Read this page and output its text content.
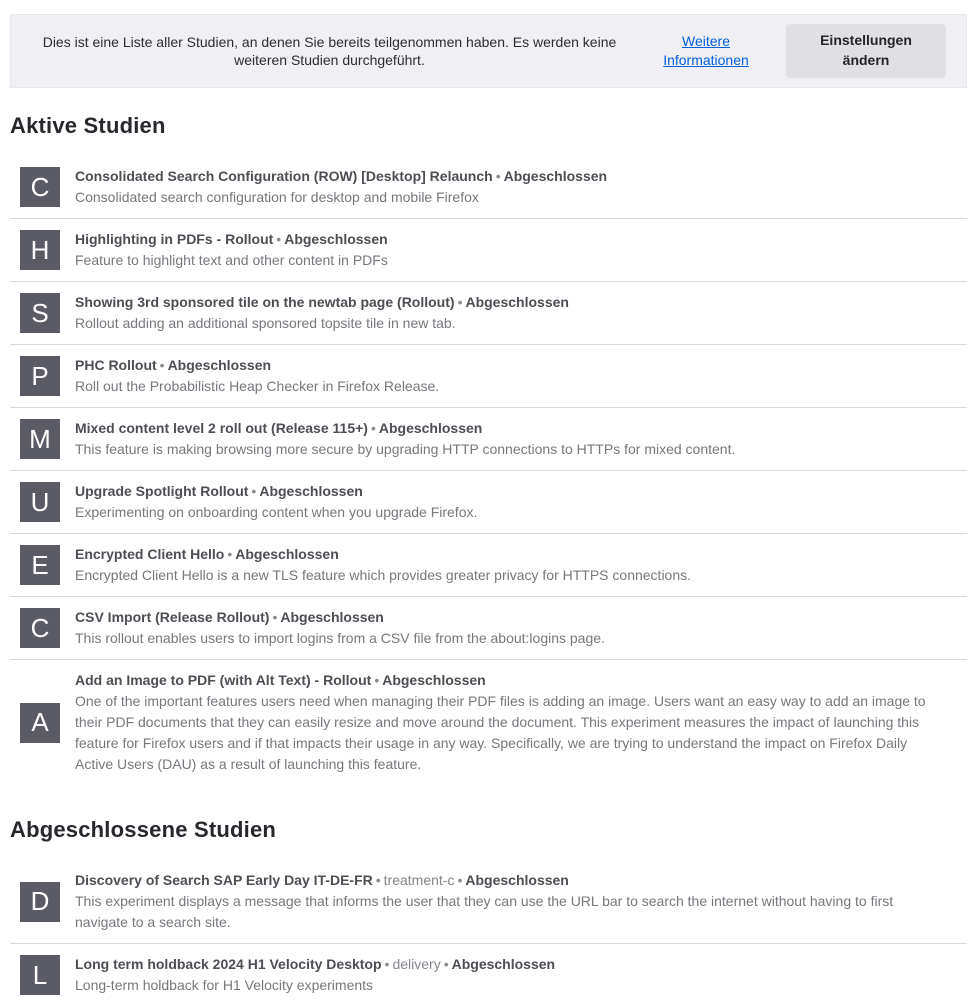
Dies ist eine Liste aller Studien, an denen Sie bereits teilgenommen haben. Es werden keine weiteren Studien durchgeführt.
Weitere Informationen
Einstellungen ändern
Aktive Studien
C	Consolidated Search Configuration (ROW) [Desktop] Relaunch • Abgeschlossen
Consolidated search configuration for desktop and mobile Firefox
H	Highlighting in PDFs - Rollout • Abgeschlossen
Feature to highlight text and other content in PDFs
S	Showing 3rd sponsored tile on the newtab page (Rollout) • Abgeschlossen
Rollout adding an additional sponsored topsite tile in new tab.
P	PHC Rollout • Abgeschlossen
Roll out the Probabilistic Heap Checker in Firefox Release.
M	Mixed content level 2 roll out (Release 115+) • Abgeschlossen
This feature is making browsing more secure by upgrading HTTP connections to HTTPs for mixed content.
U	Upgrade Spotlight Rollout • Abgeschlossen
Experimenting on onboarding content when you upgrade Firefox.
E	Encrypted Client Hello • Abgeschlossen
Encrypted Client Hello is a new TLS feature which provides greater privacy for HTTPS connections.
C	CSV Import (Release Rollout) • Abgeschlossen
This rollout enables users to import logins from a CSV file from the about:logins page.
A
Add an Image to PDF (with Alt Text) - Rollout • Abgeschlossen
One of the important features users need when managing their PDF files is adding an image. Users want an easy way to add an image to their PDF documents that they can easily resize and move around the document. This experiment measures the impact of launching this feature for Firefox users and if that impacts their usage in any way. Specifically, we are trying to understand the impact on Firefox Daily Active Users (DAU) as a result of launching this feature.
Abgeschlossene Studien
D
Discovery of Search SAP Early Day IT-DE-FR • treatment-c • Abgeschlossen
This experiment displays a message that informs the user that they can use the URL bar to search the internet without having to first navigate to a search site.
L	Long term holdback 2024 H1 Velocity Desktop • delivery • Abgeschlossen
Long-term holdback for H1 Velocity experiments
